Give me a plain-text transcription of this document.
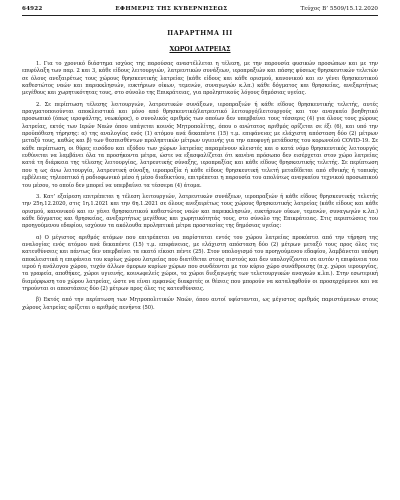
64922	ΕΦΗΜΕΡΙΣ ΤΗΣ ΚΥΒΕΡΝΗΣΕΩΣ	Τεύχος Β’ 5509/15.12.2020
ΠΑΡΑΡΤΗΜΑ ΙΙΙ
ΧΩΡΟΙ ΛΑΤΡΕΙΑΣ

1. Για το χρονικό διάστημα ισχύος της παρούσας αναστέλλεται η τέλεση, με την παρουσία φυσικών προσώπων και με την επιφύλαξη των παρ. 2 και 3, κάθε είδους λειτουργιών, λατρευτικών συνάξεων, ιεροπραξιών και πάσης φύσεως θρησκευτικών τελετών σε όλους ανεξαιρέτως τους χώρους θρησκευτικής λατρείας (κάθε είδους και κάθε ορισμού, κανονικού και εν γένει θρησκευτικού καθεστώτος ναών και παρεκκλησιών, ευκτήριων οίκων, τεμενών, συναγωγών κ.λπ.) κάθε δόγματος και θρησκείας, ανεξαρτήτως μεγέθους και χωρητικότητας τους, στο σύνολο της Επικράτειας, για προληπτικούς λόγους δημόσιας υγείας.

2. Σε περίπτωση τέλεσης λειτουργιών, λατρευτικών συνάξεων, ιεροπραξιών ή κάθε είδους θρησκευτικής τελετής, αυτές πραγματοποιούνται αποκλειστικά και μόνο από θρησκευτικό/λατρευτικό λειτουργό/λειτουργούς και τον αναγκαίο βοηθητικό προσωπικό (όπως ιεροψάλτης, νεωκόρος), ο συνολικός αριθμός των οποίων δεν υπερβαίνει τους τέσσερις (4) για όλους τους χώρους λατρείας, εκτός των Ιερών Ναών όπου υπάγεται κοινός Μητροπολίτης, όπου ο ανώτατος αριθμός ορίζεται σε έξι (6), και υπό την προϋπόθεση τήρησης: α) της αναλογίας ενός (1) ατόμου ανά δεκαπέντε (15) τ.μ. επιφάνειας με ελάχιστη απόσταση δύο (2) μέτρων μεταξύ τους, καθώς και β) των θεσπισθέντων προληπτικών μέτρων υγιεινής για την αποφυγή μετάδοσης του κορωνοϊού COVID-19. Σε κάθε περίπτωση, οι θύρες εισόδου και εξόδου των χώρων λατρείας παραμένουν κλειστές και ο κατά νόμο θρησκευτικός λειτουργός ευθύνεται να λαμβάνει όλα τα προσήκοντα μέτρα, ώστε να εξασφαλίζεται ότι κανένα πρόσωπο δεν εισέρχεται στον χώρο λατρείας κατά τη διάρκεια της τέλεσης λειτουργίας, λατρευτικής σύναξης, ιεροπραξίας και κάθε είδους θρησκευτικής τελετής. Σε περίπτωση που η ως άνω λειτουργία, λατρευτική σύναξη, ιεροπραξία ή κάθε είδους θρησκευτική τελετή μεταδίδεται από εθνικής ή τοπικής εμβέλειας τηλεοπτικό ή ραδιοφωνικό μέσο ή μέσο διαδικτύου, επιτρέπεται η παρουσία του απολύτως αναγκαίου τεχνικού προσωπικού του μέσου, το οποίο δεν μπορεί να υπερβαίνει τα τέσσερα (4) άτομα.

3. Κατ’ εξαίρεση επιτρέπεται η τέλεση λειτουργιών, λατρευτικών συνάξεων, ιεροπραξιών ή κάθε είδους θρησκευτικής τελετής την 25η.12.2020, στις 1η.1.2021 και την 6η.1.2021 σε όλους ανεξαιρέτως τους χώρους θρησκευτικής λατρείας (κάθε είδους και κάθε ορισμού, κανονικού και εν γένει θρησκευτικού καθεστώτος ναών και παρεκκλησιών, ευκτήριων οίκων, τεμενών, συναγωγών κ.λπ.) κάθε δόγματος και θρησκείας, ανεξαρτήτως μεγέθους και χωρητικότητάς τους, στο σύνολο της Επικράτειας. Στις περιπτώσεις του προηγούμενου εδαφίου, ισχύουν τα ακόλουθα προληπτικά μέτρα προστασίας της δημόσιας υγείας:

α) Ο μέγιστος αριθμός ατόμων που επιτρέπεται να παρίσταται εντός του χώρου λατρείας προκύπτει από την τήρηση της αναλογίας ενός ατόμου ανά δεκαπέντε (15) τ.μ. επιφάνειας, με ελάχιστη απόσταση δύο (2) μέτρων μεταξύ τους προς όλες τις κατευθύνσεις και πάντως δεν υπερβαίνει τα εκατό είκοσι πέντε (25). Στον υπολογισμό του προηγούμενου εδαφίου, λαμβάνεται υπόψη αποκλειστικά η επιφάνεια του κυρίως χώρου λατρείας που διατίθεται στους πιστούς και δεν υπολογίζονται σε αυτόν η επιφάνεια του ιερού ή ανάλογου χώρου, τυχόν άλλων όμορων κυρίων χώρων που συνδέονται με τον κύριο χώρο συνάθροισης (π.χ. χώροι ιερουργίας, τα γραφεία, αποθήκες, χώροι υγιεινής, κοινωφελείς χώροι, τα χώροι διεξαγωγής των τελετουργικών αναγκών κ.λπ.). Στην εσωτερική διαμόρφωση του χώρου λατρείας, ώστε να είναι εμφανώς διακριτές οι θέσεις που μπορούν να καταληφθούν οι προσερχόμενοι και να τηρούνται οι αποστάσεις δύο (2) μέτρων προς όλες τις κατευθύνσεις.

β) Εκτός από την περίπτωση των Μητροπολιτικών Ναών, όπου αυτοί υφίστανται, ως μέγιστος αριθμός παριστάμενων στους χώρους λατρείας ορίζεται ο αριθμός πενήντα (50).
